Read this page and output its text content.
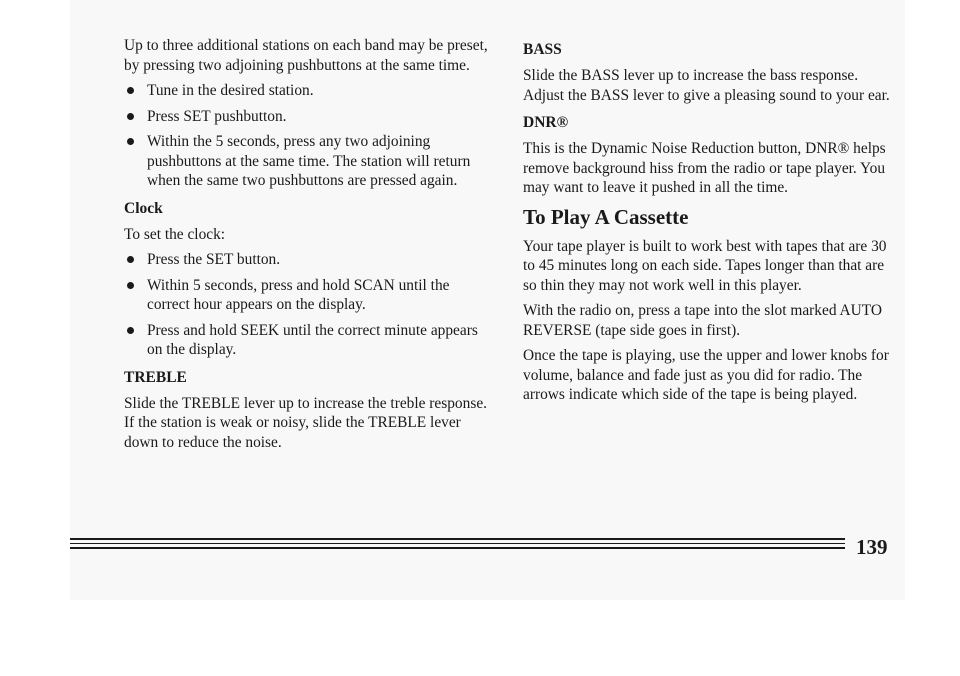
Up to three additional stations on each band may be preset, by pressing two adjoining pushbuttons at the same time.

Tune in the desired station.
Press SET pushbutton.
Within the 5 seconds, press any two adjoining pushbuttons at the same time. The station will return when the same two pushbuttons are pressed again.
Clock

To set the clock:

Press the SET button.
Within 5 seconds, press and hold SCAN until the correct hour appears on the display.
Press and hold SEEK until the correct minute appears on the display.
TREBLE

Slide the TREBLE lever up to increase the treble response. If the station is weak or noisy, slide the TREBLE lever down to reduce the noise.

BASS

Slide the BASS lever up to increase the bass response. Adjust the BASS lever to give a pleasing sound to your ear.

DNR®

This is the Dynamic Noise Reduction button, DNR® helps remove background hiss from the radio or tape player. You may want to leave it pushed in all the time.

To Play A Cassette

Your tape player is built to work best with tapes that are 30 to 45 minutes long on each side. Tapes longer than that are so thin they may not work well in this player.

With the radio on, press a tape into the slot marked AUTO REVERSE (tape side goes in first).

Once the tape is playing, use the upper and lower knobs for volume, balance and fade just as you did for radio. The arrows indicate which side of the tape is being played.

139
